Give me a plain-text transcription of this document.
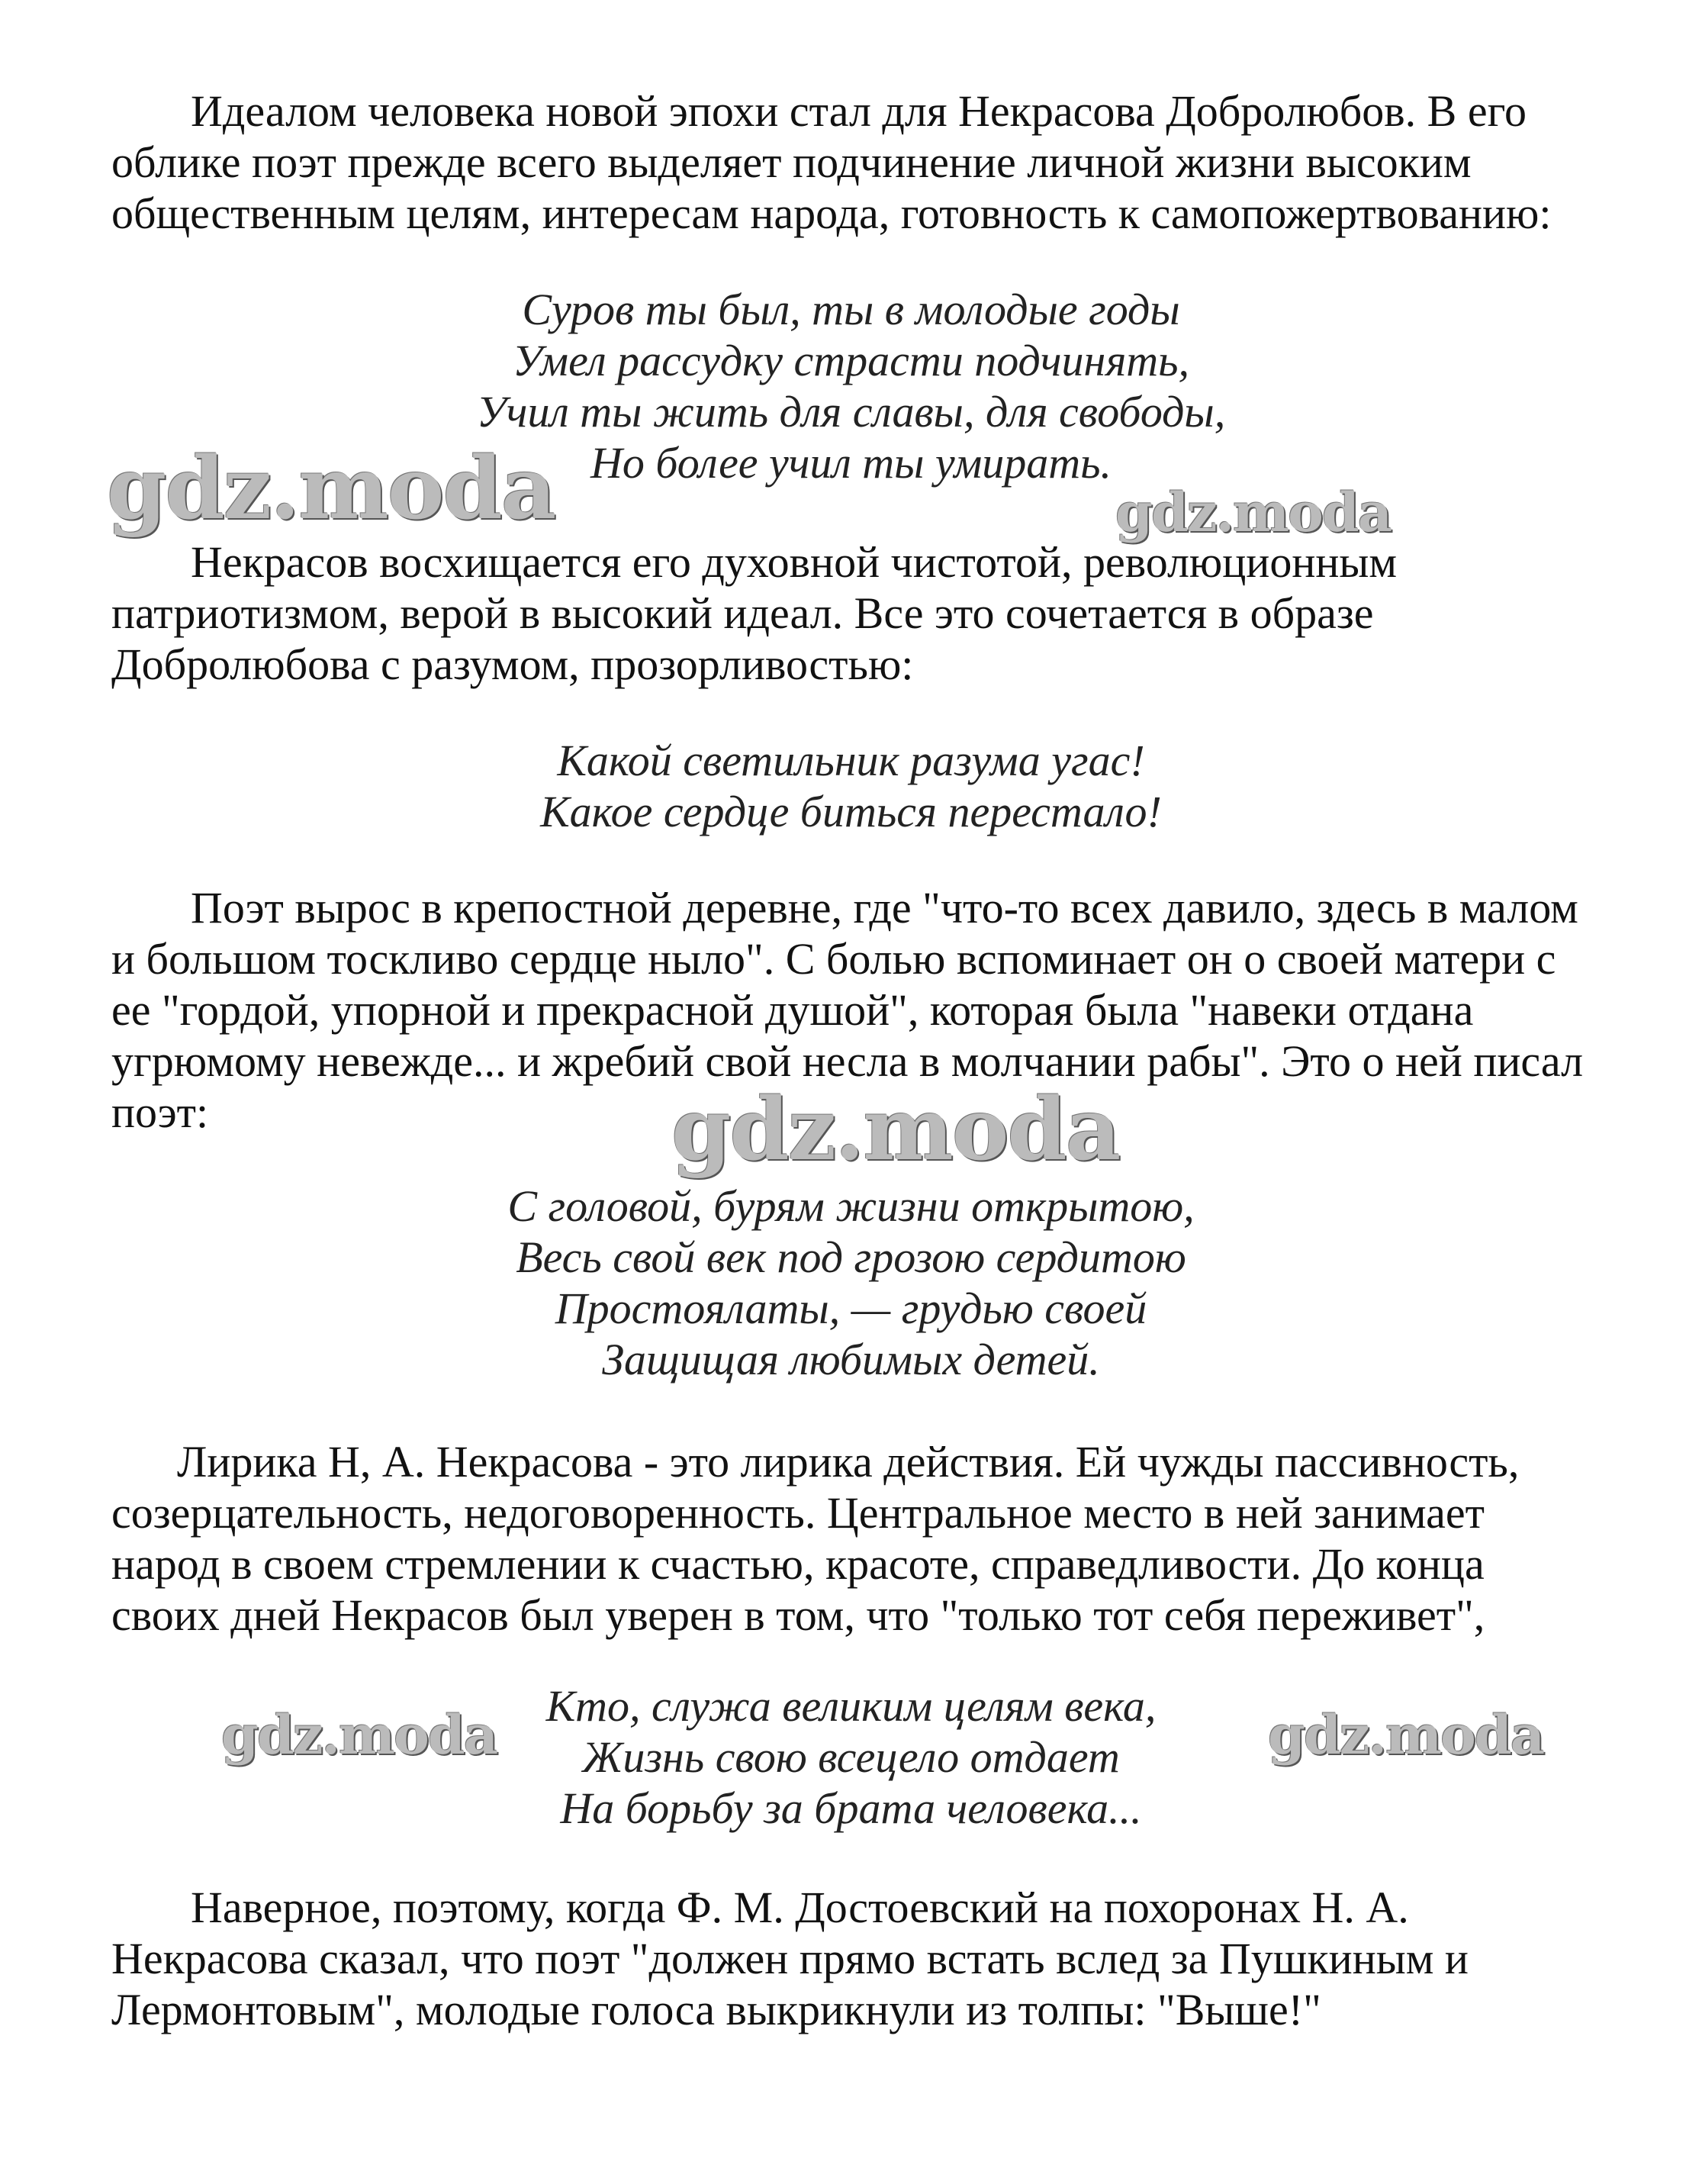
Идеалом человека новой эпохи стал для Некрасова Добролюбов. В его
облике поэт прежде всего выделяет подчинение личной жизни высоким
общественным целям, интересам народа, готовность к самопожертвованию:
Суров ты был, ты в молодые годы
Умел рассудку страсти подчинять,
Учил ты жить для славы, для свободы,
Но более учил ты умирать.
Некрасов восхищается его духовной чистотой, революционным
патриотизмом, верой в высокий идеал. Все это сочетается в образе
Добролюбова с разумом, прозорливостью:
Какой светильник разума угас!
Какое сердце биться перестало!
Поэт вырос в крепостной деревне, где "что-то всех давило, здесь в малом
и большом тоскливо сердце ныло". С болью вспоминает он о своей матери с
ее "гордой, упорной и прекрасной душой", которая была "навеки отдана
угрюмому невежде... и жребий свой несла в молчании рабы". Это о ней писал
поэт:
С головой, бурям жизни открытою,
Весь свой век под грозою сердитою
Простоялаты, — грудью своей
Защищая любимых детей.
Лирика Н, А. Некрасова - это лирика действия. Ей чужды пассивность,
созерцательность, недоговоренность. Центральное место в ней занимает
народ в своем стремлении к счастью, красоте, справедливости. До конца
своих дней Некрасов был уверен в том, что "только тот себя переживет",
Кто, служа великим целям века,
Жизнь свою всецело отдает
На борьбу за брата человека...
Наверное, поэтому, когда Ф. М. Достоевский на похоронах Н. А.
Некрасова сказал, что поэт "должен прямо встать вслед за Пушкиным и
Лермонтовым", молодые голоса выкрикнули из толпы: "Выше!"
gdz.moda	gdz.moda
gdz.moda
gdz.moda	gdz.moda
